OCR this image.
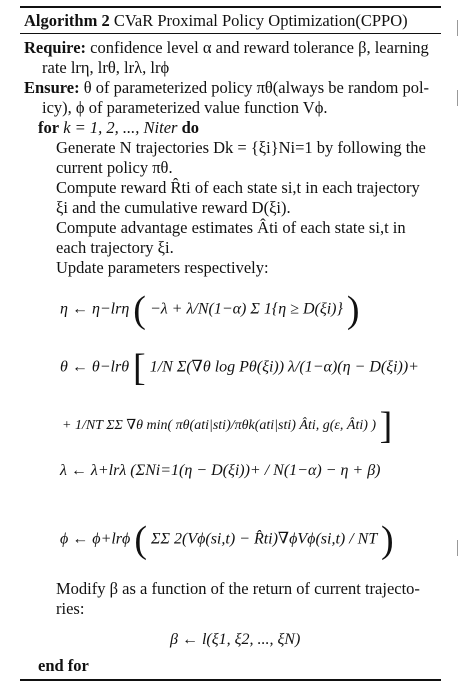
Algorithm 2 CVaR Proximal Policy Optimization(CPPO)
Require: confidence level α and reward tolerance β, learning
rate lrη, lrθ, lrλ, lrϕ
Ensure: θ of parameterized policy πθ(always be random pol-
icy), ϕ of parameterized value function Vϕ.
for k = 1, 2, ..., Niter do
Generate N trajectories Dk = {ξi}Ni=1 by following the
current policy πθ.
Compute reward R̂ti of each state si,t in each trajectory
ξi and the cumulative reward D(ξi).
Compute advantage estimates Âti of each state si,t in
each trajectory ξi.
Update parameters respectively:
η ← η−lrη ( −λ + λ/N(1−α) Σ 1{η ≥ D(ξi)} )
θ ← θ−lrθ [ 1/N Σ(∇θ log Pθ(ξi)) λ/(1−α)(η − D(ξi))+
+ 1/NT ΣΣ ∇θ min( πθ(ati|sti)/πθk(ati|sti) Âti, g(ε, Âti) ) ]
λ ← λ+lrλ (ΣNi=1(η − D(ξi))+ / N(1−α) − η + β)
ϕ ← ϕ+lrϕ ( ΣΣ 2(Vϕ(si,t) − R̂ti)∇ϕVϕ(si,t) / NT )
Modify β as a function of the return of current trajecto-
ries:
β ← l(ξ1, ξ2, ..., ξN)
end for
